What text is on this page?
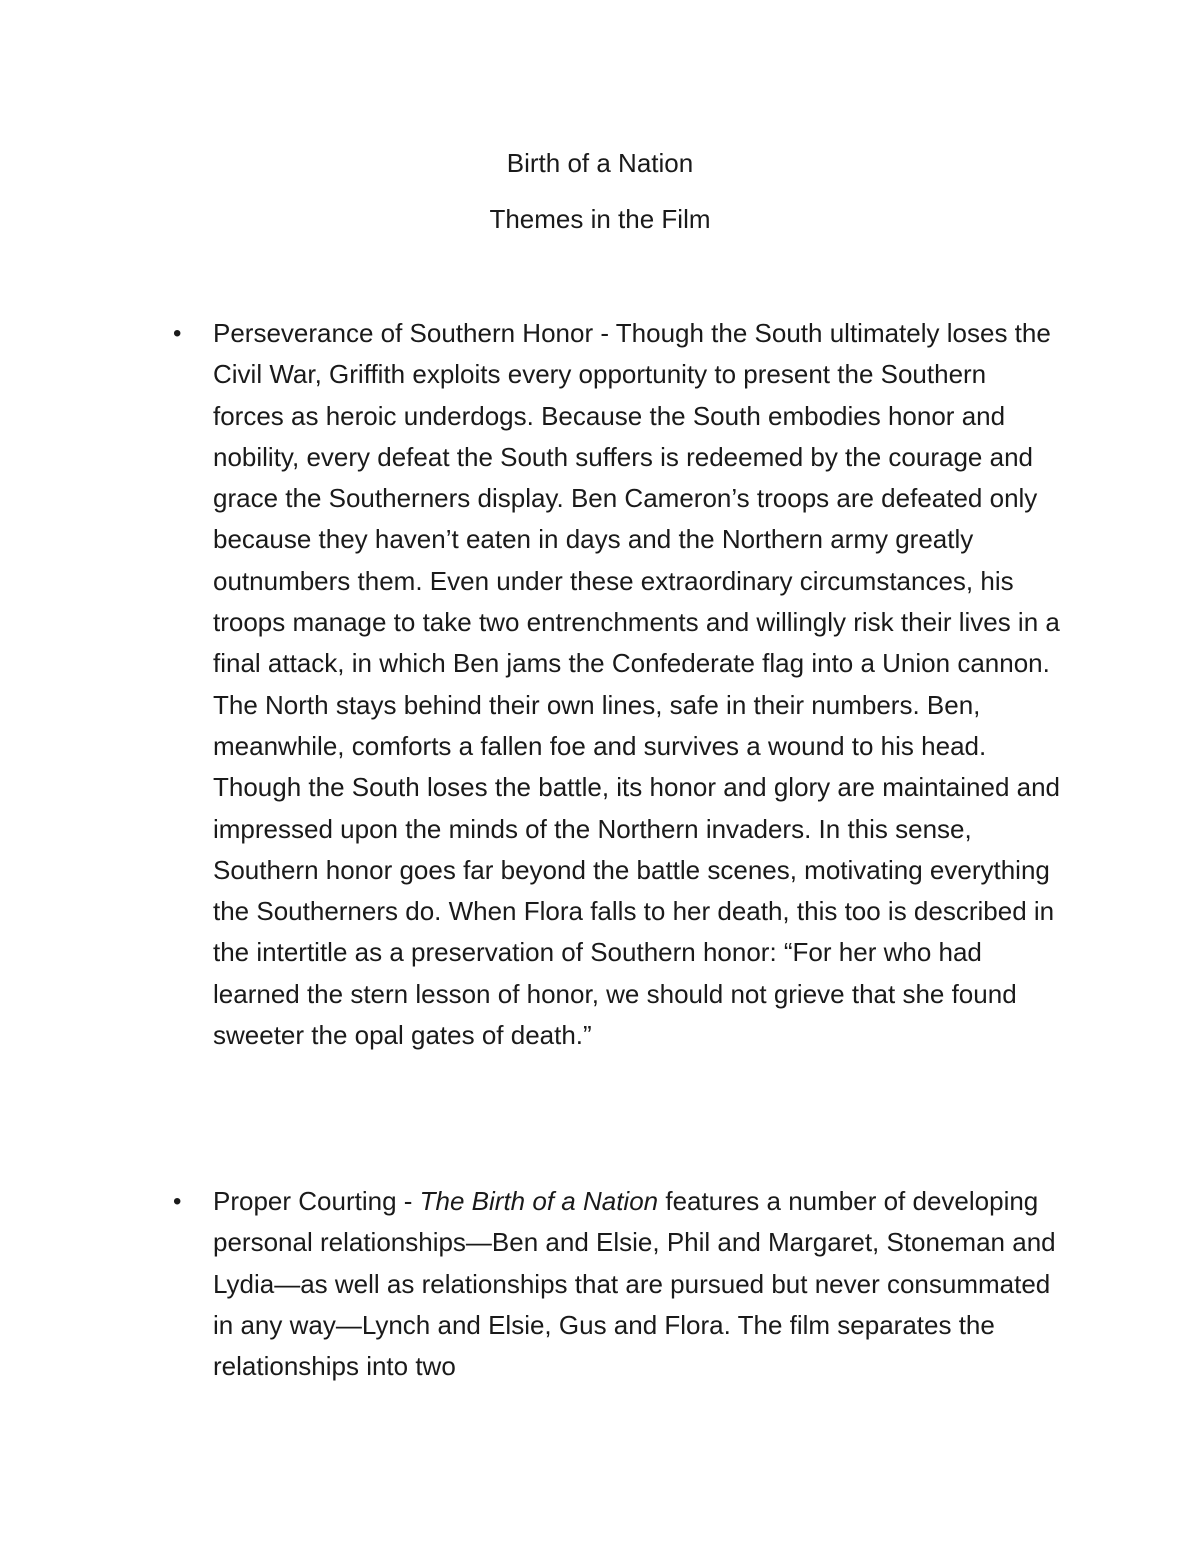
Birth of a Nation
Themes in the Film

• Perseverance of Southern Honor - Though the South ultimately loses the Civil War, Griffith exploits every opportunity to present the Southern forces as heroic underdogs. Because the South embodies honor and nobility, every defeat the South suffers is redeemed by the courage and grace the Southerners display. Ben Cameron’s troops are defeated only because they haven’t eaten in days and the Northern army greatly outnumbers them. Even under these extraordinary circumstances, his troops manage to take two entrenchments and willingly risk their lives in a final attack, in which Ben jams the Confederate flag into a Union cannon. The North stays behind their own lines, safe in their numbers. Ben, meanwhile, comforts a fallen foe and survives a wound to his head. Though the South loses the battle, its honor and glory are maintained and impressed upon the minds of the Northern invaders. In this sense, Southern honor goes far beyond the battle scenes, motivating everything the Southerners do. When Flora falls to her death, this too is described in the intertitle as a preservation of Southern honor: “For her who had learned the stern lesson of honor, we should not grieve that she found sweeter the opal gates of death.”

• Proper Courting - The Birth of a Nation features a number of developing personal relationships—Ben and Elsie, Phil and Margaret, Stoneman and Lydia—as well as relationships that are pursued but never consummated in any way—Lynch and Elsie, Gus and Flora. The film separates the relationships into two
